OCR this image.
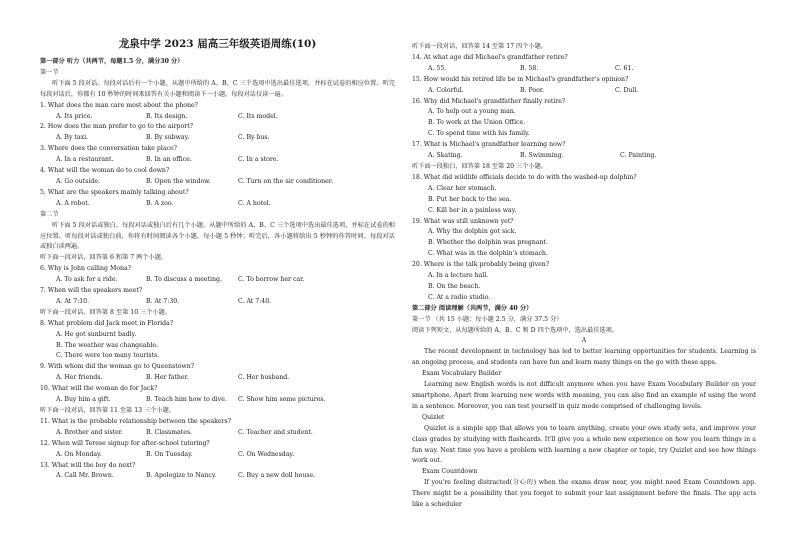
龙泉中学 2023 届高三年级英语周练(10)
第一部分 听力（共两节，每题1.5 分，满分30 分）
第一节
听下面 5 段对话。每段对话后有一个小题，从题中所给的 A、B、C 三个选项中选出最佳选项，并标在试卷的相应位置。听完每段对话后，你都有 10 秒钟的时间来回答有关小题和阅读下一小题。每段对话仅读一遍。
1. What does the man care most about the phone?
A. Its price.	B. Its design.	C. Its model.
2. How does the man prefer to go to the airport?
A. By taxi.	B. By subway.	C. By bus.
3. Where does the conversation take place?
A. In a restaurant.	B. In an office.	C. In a store.
4. What will the woman do to cool down?
A. Go outside.	B. Open the window.	C. Turn on the air conditioner.
5. What are the speakers mainly talking about?
A. A robot.	B. A zoo.	C. A hotel.
第二节
听下面 5 段对话或独白。每段对话或独白后有几个小题，从题中所给的 A、B、C 三个选项中选出最佳选项，并标在试卷的相应位置。听每段对话或独白前，你将有时间阅读各个小题，每小题 5 秒钟；听完后，各小题将给出 5 秒钟的作答时间。每段对话或独白读两遍。
听下面一段对话，回答第 6 和第 7 两个小题。
6. Why is John calling Mona?
A. To ask for a ride.	B. To discuss a meeting.	C. To borrow her car.
7. When will the speakers meet?
A. At 7:10.	B. At 7:30.	C. At 7:40.
听下面一段对话，回答第 8 至第 10 三个小题。
8. What problem did Jack meet in Florida?
A. He got sunburnt badly.
B. The weather was changeable.
C. There were too many tourists.
9. With whom did the woman go to Queenstown?
A. Her friends.	B. Her father.	C. Her husband.
10. What will the woman do for Jack?
A. Buy him a gift.	B. Teach him how to dive.	C. Show him some pictures.
听下面一段对话，回答第 11 至第 13 三个小题。
11. What is the probable relationship between the speakers?
A. Brother and sister.	B. Classmates.	C. Teacher and student.
12. When will Terese signup for after-school tutoring?
A. On Monday.	B. On Tuesday.	C. On Wednesday.
13. What will the boy do next?
A. Call Mr. Brown.	B. Apologize to Nancy.	C. Buy a new doll house.
听下面一段对话，回答第 14 至第 17 四个小题。
14. At what age did Michael's grandfather retire?
A. 55.	B. 58.	C. 61.
15. How would his retired life be in Michael's grandfather's opinion?
A. Colorful.	B. Poor.	C. Dull.
16. Why did Michael's grandfather finally retire?
A. To help out a young man.
B. To work at the Union Office.
C. To spend time with his family.
17. What is Michael's grandfather learning now?
A. Skating.	B. Swimming.	C. Painting.
听下面一段独白，回答第 18 至第 20 三个小题。
18. What did wildlife officials decide to do with the washed-up dolphin?
A. Clear her stomach.
B. Put her back to the sea.
C. Kill her in a painless way.
19. What was still unknown yet?
A. Why the dolphin got sick.
B. Whether the dolphin was pregnant.
C. What was in the dolphin's stomach.
20. Where is the talk probably being given?
A. In a lecture hall.
B. On the beach.
C. At a radio studio.
第二部分 阅读理解（共两节，满分 40 分）
第一节 （共 15 小题；每小题 2.5 分，满分 37.5 分）
阅读下列短文，从每题所给的 A、B、C 和 D 四个选项中，选出最佳选项。
A
The recent development in technology has led to better learning opportunities for students. Learning is an ongoing process, and students can have fun and learn many things on the go with these apps.
Exam Vocabulary Builder
Learning new English words is not difficult anymore when you have Exam Vocabulary Builder on your smartphone. Apart from learning new words with meaning, you can also find an example of using the word in a sentence. Moreover, you can test yourself in quiz mode comprised of challenging levels.
Quizlet
Quizlet is a simple app that allows you to learn anything, create your own study sets, and improve your class grades by studying with flashcards. It'll give you a whole new experience on how you learn things in a fun way. Next time you have a problem with learning a new chapter or topic, try Quizlet and see how things work out.
Exam Countdown
If you're feeling distracted(分心的) when the exams draw near, you might need Exam Countdown app. There might be a possibility that you forgot to submit your last assignment before the finals. The app acts like a scheduler
